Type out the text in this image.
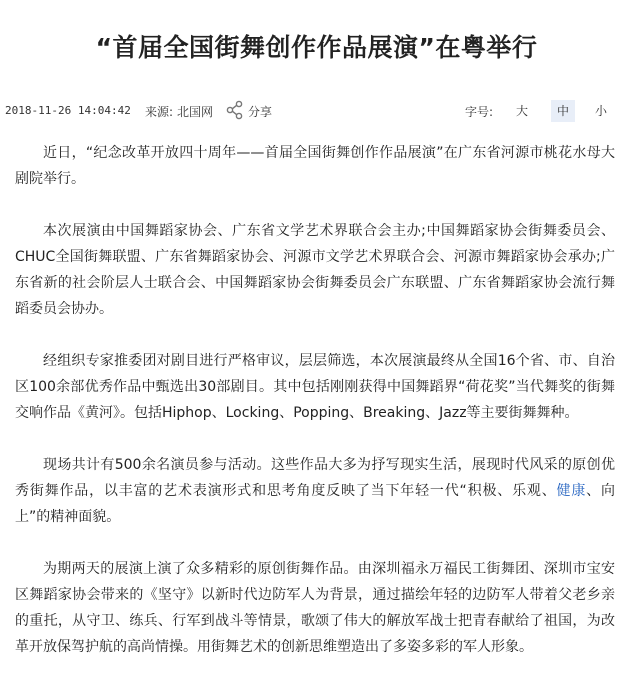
“首届全国街舞创作作品展演”在粤举行
2018-11-26 14:04:42 来源: 北国网	分享	字号:	大	中	小

近日，“纪念改革开放四十周年——首届全国街舞创作作品展演”在广东省河源市桃花水母大剧院举行。

本次展演由中国舞蹈家协会、广东省文学艺术界联合会主办;中国舞蹈家协会街舞委员会、CHUC全国街舞联盟、广东省舞蹈家协会、河源市文学艺术界联合会、河源市舞蹈家协会承办;广东省新的社会阶层人士联合会、中国舞蹈家协会街舞委员会广东联盟、广东省舞蹈家协会流行舞蹈委员会协办。

经组织专家推委团对剧目进行严格审议，层层筛选，本次展演最终从全国16个省、市、自治区100余部优秀作品中甄选出30部剧目。其中包括刚刚获得中国舞蹈界“荷花奖”当代舞奖的街舞交响作品《黄河》。包括Hiphop、Locking、Popping、Breaking、Jazz等主要街舞舞种。

现场共计有500余名演员参与活动。这些作品大多为抒写现实生活，展现时代风采的原创优秀街舞作品，以丰富的艺术表演形式和思考角度反映了当下年轻一代“积极、乐观、健康、向上”的精神面貌。

为期两天的展演上演了众多精彩的原创街舞作品。由深圳福永万福民工街舞团、深圳市宝安区舞蹈家协会带来的《坚守》以新时代边防军人为背景，通过描绘年轻的边防军人带着父老乡亲的重托，从守卫、练兵、行军到战斗等情景，歌颂了伟大的解放军战士把青春献给了祖国，为改革开放保驾护航的高尚情操。用街舞艺术的创新思维塑造出了多姿多彩的军人形象。
